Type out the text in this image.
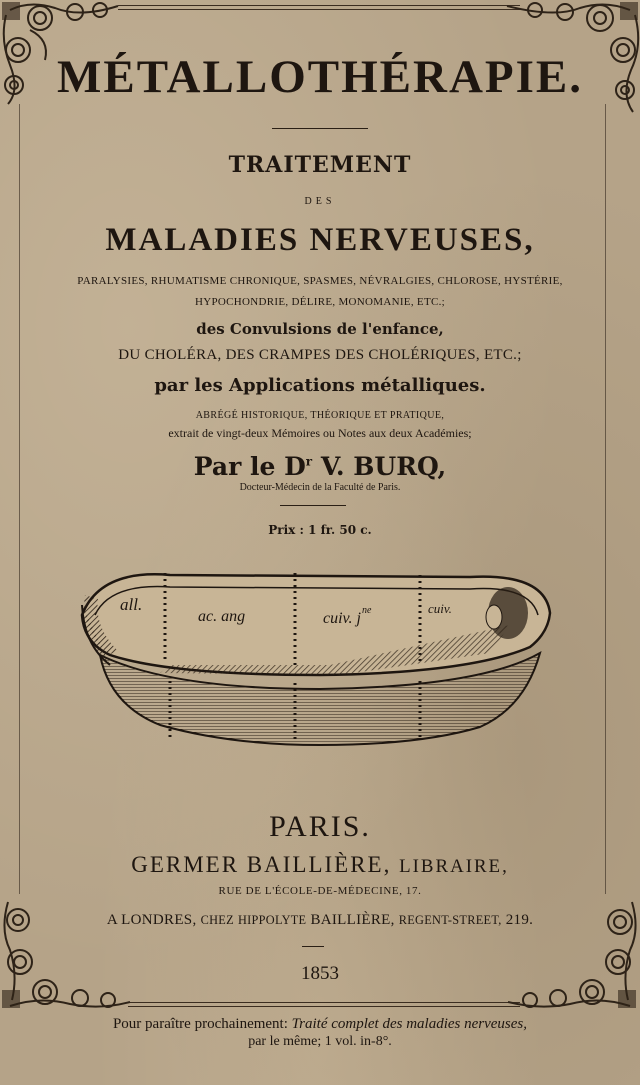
MÉTALLOTHÉRAPIE.
TRAITEMENT
DES
MALADIES NERVEUSES,
PARALYSIES, RHUMATISME CHRONIQUE, SPASMES, NÉVRALGIES, CHLOROSE, HYSTÉRIE,
HYPOCHONDRIE, DÉLIRE, MONOMANIE, ETC.;
des Convulsions de l'enfance,
DU CHOLÉRA, DES CRAMPES DES CHOLÉRIQUES, ETC.;
par les Applications métalliques.
ABRÉGÉ HISTORIQUE, THÉORIQUE ET PRATIQUE,
extrait de vingt-deux Mémoires ou Notes aux deux Académies;
Par le $D^r$ V. BURQ,
Docteur-Médecin de la Faculté de Paris.
Prix : 1 fr. 50 c.
all.
ac. ang	cuiv. j ne	cuiv.
PARIS.
GERMER BAILLIÈRE, LIBRAIRE,
RUE DE L'ÉCOLE-DE-MÉDECINE, 17.
A LONDRES, CHEZ HIPPOLYTE BAILLIÈRE, REGENT-STREET, 219.
1853
Pour paraître prochainement: Traité complet des maladies nerveuses,
par le même; 1 vol. in-8°.
